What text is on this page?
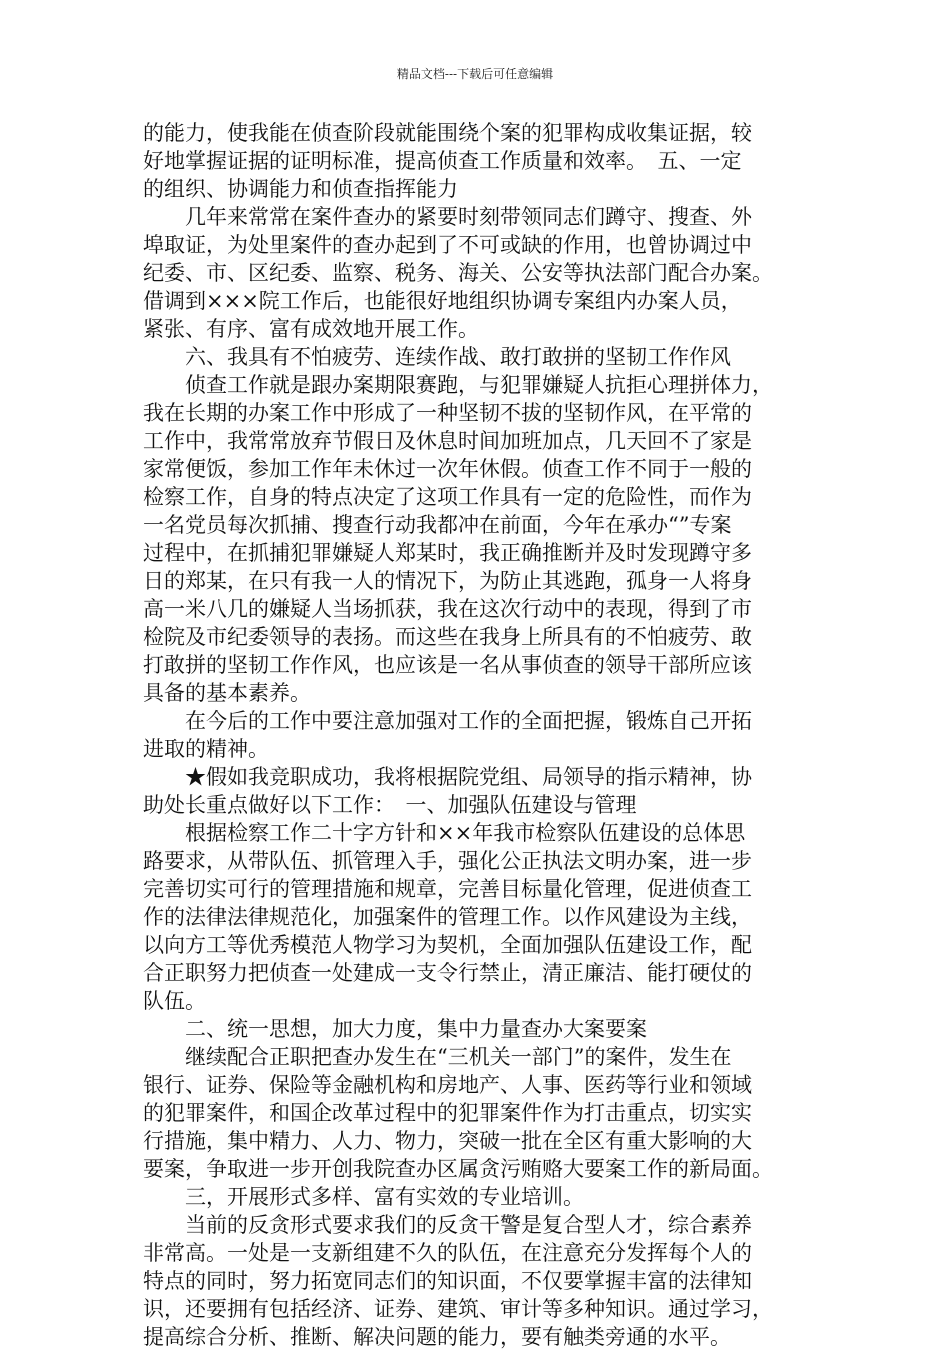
精品文档---下载后可任意编辑
的能力，使我能在侦查阶段就能围绕个案的犯罪构成收集证据，较
好地掌握证据的证明标准，提高侦查工作质量和效率。　五、一定
的组织、协调能力和侦查指挥能力
几年来常常在案件查办的紧要时刻带领同志们蹲守、搜查、外
埠取证，为处里案件的查办起到了不可或缺的作用，也曾协调过中
纪委、市、区纪委、监察、税务、海关、公安等执法部门配合办案。
借调到×××院工作后，也能很好地组织协调专案组内办案人员，
紧张、有序、富有成效地开展工作。
六、我具有不怕疲劳、连续作战、敢打敢拼的坚韧工作作风
侦查工作就是跟办案期限赛跑，与犯罪嫌疑人抗拒心理拼体力，
我在长期的办案工作中形成了一种坚韧不拔的坚韧作风，在平常的
工作中，我常常放弃节假日及休息时间加班加点，几天回不了家是
家常便饭，参加工作年未休过一次年休假。侦查工作不同于一般的
检察工作，自身的特点决定了这项工作具有一定的危险性，而作为
一名党员每次抓捕、搜查行动我都冲在前面，今年在承办“”专案
过程中，在抓捕犯罪嫌疑人郑某时，我正确推断并及时发现蹲守多
日的郑某，在只有我一人的情况下，为防止其逃跑，孤身一人将身
高一米八几的嫌疑人当场抓获，我在这次行动中的表现，得到了市
检院及市纪委领导的表扬。而这些在我身上所具有的不怕疲劳、敢
打敢拼的坚韧工作作风，也应该是一名从事侦查的领导干部所应该
具备的基本素养。
在今后的工作中要注意加强对工作的全面把握，锻炼自己开拓
进取的精神。
★假如我竞职成功，我将根据院党组、局领导的指示精神，协
助处长重点做好以下工作：　一、加强队伍建设与管理
根据检察工作二十字方针和××年我市检察队伍建设的总体思
路要求，从带队伍、抓管理入手，强化公正执法文明办案，进一步
完善切实可行的管理措施和规章，完善目标量化管理，促进侦查工
作的法律法律规范化，加强案件的管理工作。以作风建设为主线，
以向方工等优秀模范人物学习为契机，全面加强队伍建设工作，配
合正职努力把侦查一处建成一支令行禁止，清正廉洁、能打硬仗的
队伍。
二、统一思想，加大力度，集中力量查办大案要案
继续配合正职把查办发生在“三机关一部门”的案件，发生在
银行、证券、保险等金融机构和房地产、人事、医药等行业和领域
的犯罪案件，和国企改革过程中的犯罪案件作为打击重点，切实实
行措施，集中精力、人力、物力，突破一批在全区有重大影响的大
要案，争取进一步开创我院查办区属贪污贿赂大要案工作的新局面。
三，开展形式多样、富有实效的专业培训。
当前的反贪形式要求我们的反贪干警是复合型人才，综合素养
非常高。一处是一支新组建不久的队伍，在注意充分发挥每个人的
特点的同时，努力拓宽同志们的知识面，不仅要掌握丰富的法律知
识，还要拥有包括经济、证券、建筑、审计等多种知识。通过学习，
提高综合分析、推断、解决问题的能力，要有触类旁通的水平。
